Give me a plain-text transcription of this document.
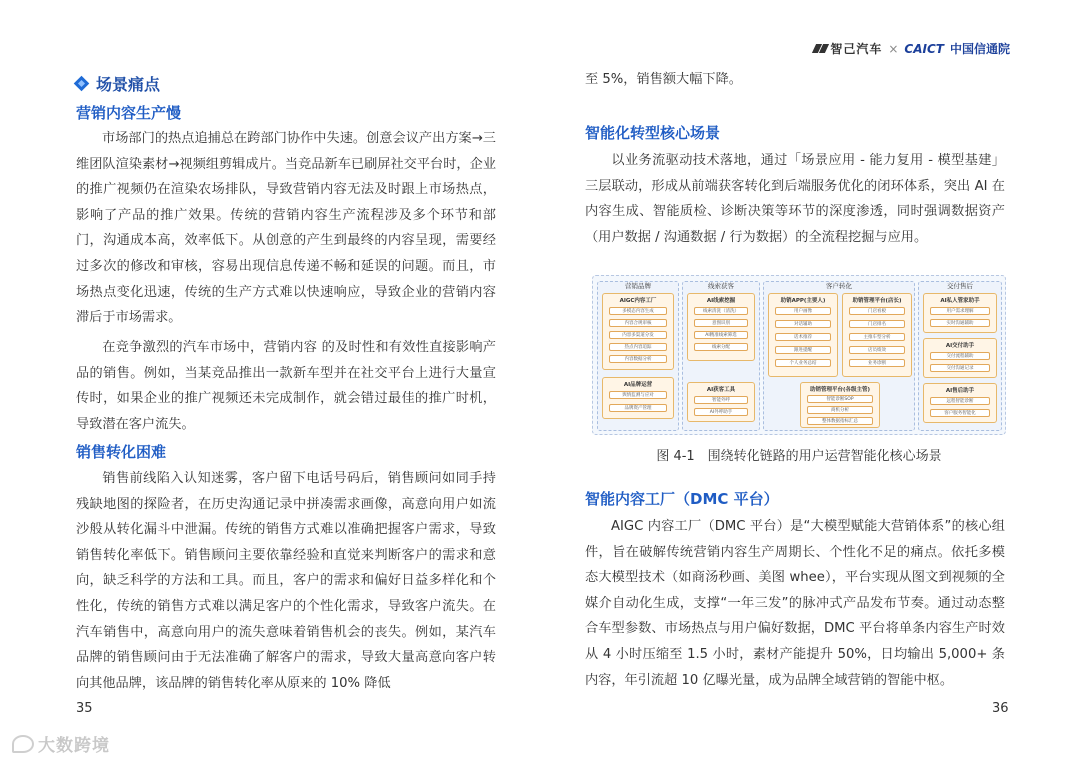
智己汽车 × CAICT 中国信通院
场景痛点
营销内容生产慢
市场部门的热点追捕总在跨部门协作中失速。创意会议产出方案→三维团队渲染素材→视频组剪辑成片。当竞品新车已刷屏社交平台时，企业的推广视频仍在渲染农场排队，导致营销内容无法及时跟上市场热点，影响了产品的推广效果。传统的营销内容生产流程涉及多个环节和部门，沟通成本高，效率低下。从创意的产生到最终的内容呈现，需要经过多次的修改和审核，容易出现信息传递不畅和延误的问题。而且，市场热点变化迅速，传统的生产方式难以快速响应，导致企业的营销内容滞后于市场需求。
在竞争激烈的汽车市场中，营销内容 的及时性和有效性直接影响产品的销售。例如，当某竞品推出一款新车型并在社交平台上进行大量宣传时，如果企业的推广视频还未完成制作，就会错过最佳的推广时机，导致潜在客户流失。
销售转化困难
销售前线陷入认知迷雾，客户留下电话号码后，销售顾问如同手持残缺地图的探险者，在历史沟通记录中拼凑需求画像，高意向用户如流沙般从转化漏斗中泄漏。传统的销售方式难以准确把握客户需求，导致销售转化率低下。销售顾问主要依靠经验和直觉来判断客户的需求和意向，缺乏科学的方法和工具。而且，客户的需求和偏好日益多样化和个性化，传统的销售方式难以满足客户的个性化需求，导致客户流失。在汽车销售中，高意向用户的流失意味着销售机会的丧失。例如，某汽车品牌的销售顾问由于无法准确了解客户的需求，导致大量高意向客户转向其他品牌，该品牌的销售转化率从原来的 10% 降低
35
至 5%，销售额大幅下降。
智能化转型核心场景
以业务流驱动技术落地，通过「场景应用 - 能力复用 - 模型基建」三层联动，形成从前端获客转化到后端服务优化的闭环体系，突出 AI 在内容生成、智能质检、诊断决策等环节的深度渗透，同时强调数据资产（用户数据 / 沟通数据 / 行为数据）的全流程挖掘与应用。
营销品牌
AIGC内容工厂
多模态内容生成
内容合规审核
内容多渠道分发
热点内容追踪
内容数据分析
AI品牌运营
舆情监测与应对
品牌资产管理
线索获客
AI线索挖掘
线索清洗（清洗）
意图识别
AI精准线索筛选
线索分配
AI获客工具
智能外呼
AI外呼助手
客户转化
助销APP(主要人)
用户画像
对话辅助
话术推荐
跟进提醒
个人业务总结
助销管理平台(店长)
门店看板
门店排名
主推车型分析
店员绩效
业务诊断
助销管理平台(各级主管)
智能诊断SOP
商机分析
整体数据指标汇总
交付售后
AI私人管家助手
用户需求理解
实时沟通辅助
AI交付助手
交付流程辅助
交付沟通记录
AI售后助手
远程智能诊断
客户服务智能化
图 4-1　围绕转化链路的用户运营智能化核心场景
智能内容工厂（DMC 平台）
AIGC 内容工厂（DMC 平台）是“大模型赋能大营销体系”的核心组件，旨在破解传统营销内容生产周期长、个性化不足的痛点。依托多模态大模型技术（如商汤秒画、美图 whee），平台实现从图文到视频的全媒介自动化生成，支撑“一年三发”的脉冲式产品发布节奏。通过动态整合车型参数、市场热点与用户偏好数据，DMC 平台将单条内容生产时效从 4 小时压缩至 1.5 小时，素材产能提升 50%，日均输出 5,000+ 条内容，年引流超 10 亿曝光量，成为品牌全域营销的智能中枢。
36
大数跨境
